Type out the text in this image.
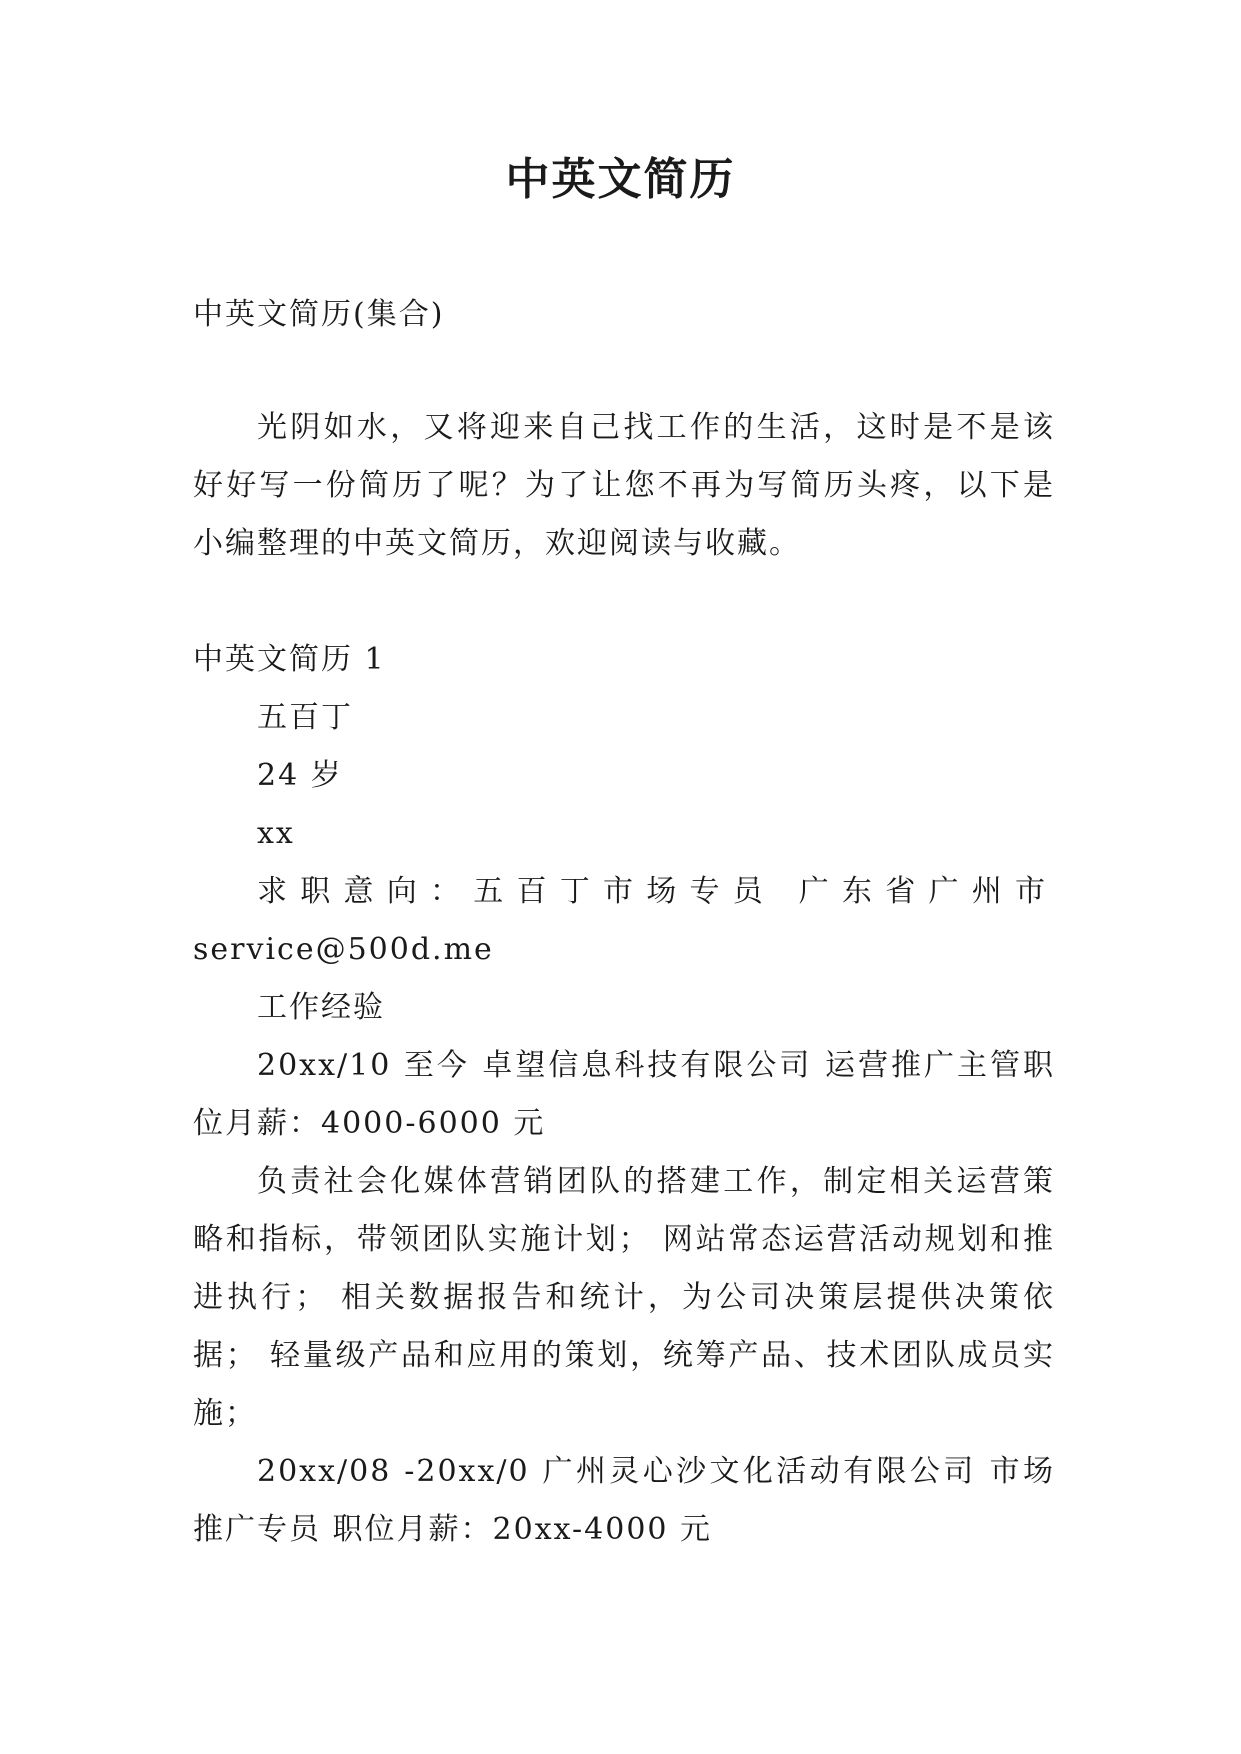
中英文简历
中英文简历(集合)
光阴如水，又将迎来自己找工作的生活，这时是不是该好好写一份简历了呢？为了让您不再为写简历头疼，以下是小编整理的中英文简历，欢迎阅读与收藏。
中英文简历 1
五百丁
24 岁
xx
求职意向：五百丁市场专员 广东省广州市
service@500d.me
工作经验
20xx/10 至今 卓望信息科技有限公司 运营推广主管职位月薪：4000-6000 元
负责社会化媒体营销团队的搭建工作，制定相关运营策略和指标，带领团队实施计划； 网站常态运营活动规划和推进执行； 相关数据报告和统计，为公司决策层提供决策依据； 轻量级产品和应用的策划，统筹产品、技术团队成员实施；
20xx/08 -20xx/0 广州灵心沙文化活动有限公司 市场推广专员 职位月薪：20xx-4000 元
